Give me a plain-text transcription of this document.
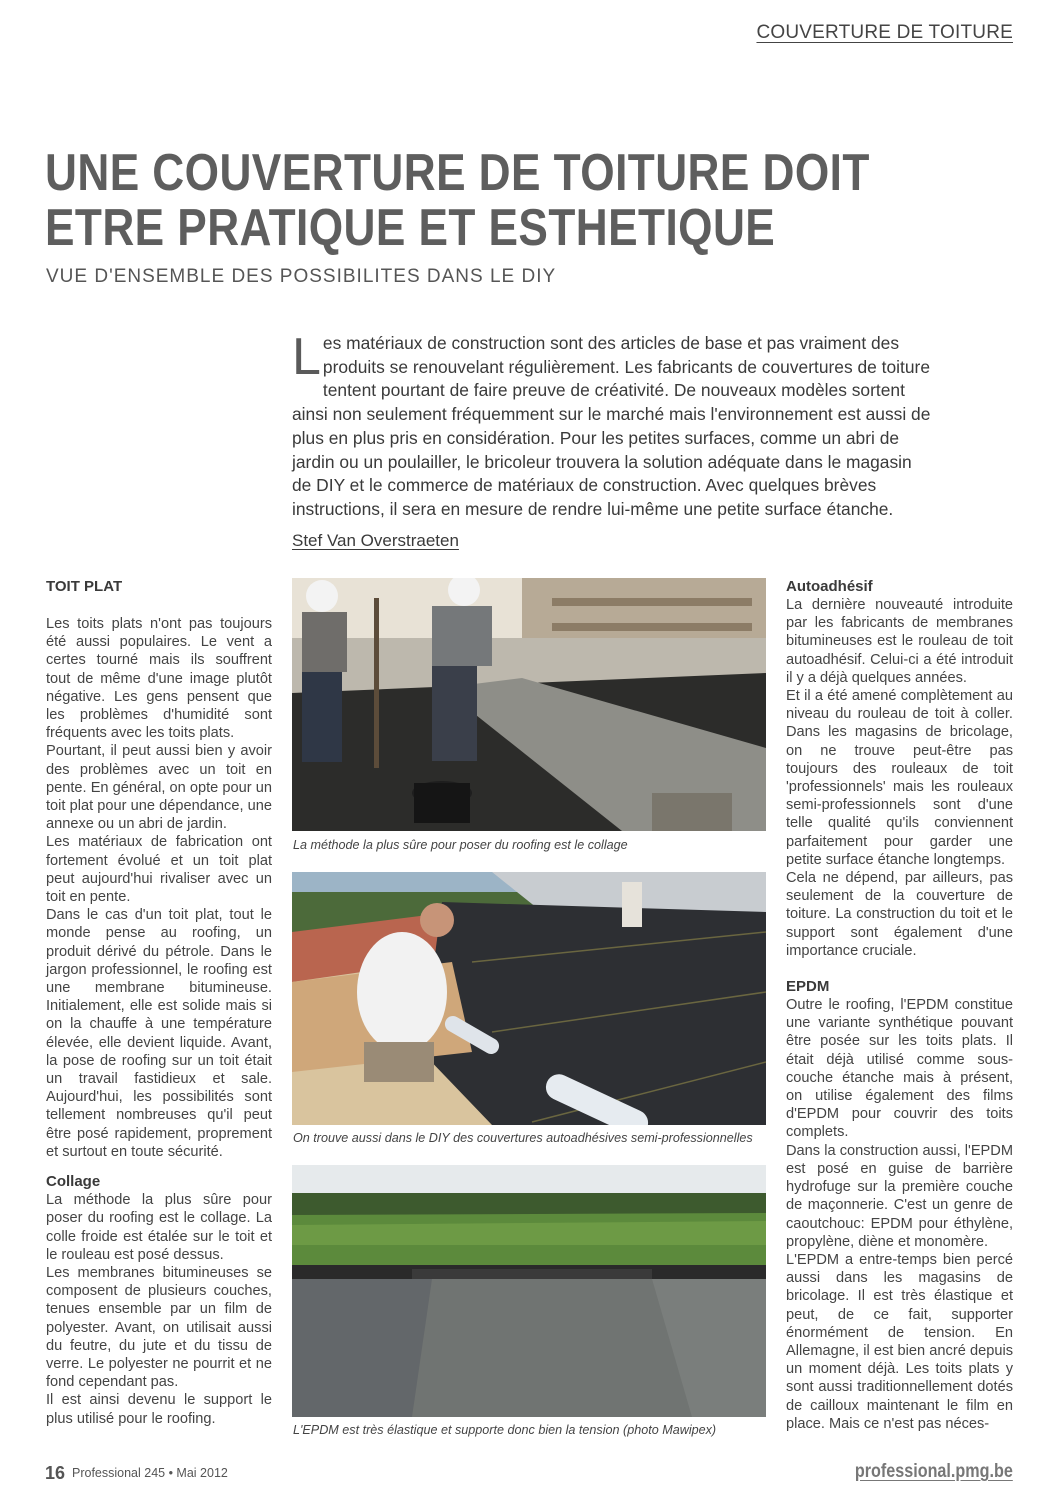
COUVERTURE DE TOITURE
UNE COUVERTURE DE TOITURE DOIT
ETRE PRATIQUE ET ESTHETIQUE
VUE D'ENSEMBLE DES POSSIBILITES DANS LE DIY
Les matériaux de construction sont des articles de base et pas vraiment des produits se renouvelant régulièrement. Les fabricants de couvertures de toiture tentent pourtant de faire preuve de créativité. De nouveaux modèles sortent ainsi non seulement fréquemment sur le marché mais l'environnement est aussi de plus en plus pris en considération. Pour les petites surfaces, comme un abri de jardin ou un poulailler, le bricoleur trouvera la solution adéquate dans le magasin de DIY et le commerce de matériaux de construction. Avec quelques brèves instructions, il sera en mesure de rendre lui-même une petite surface étanche.
Stef Van Overstraeten
TOIT PLAT

Les toits plats n'ont pas toujours été aussi populaires. Le vent a certes tourné mais ils souffrent tout de même d'une image plutôt négative. Les gens pensent que les problèmes d'humidité sont fréquents avec les toits plats.

Pourtant, il peut aussi bien y avoir des problèmes avec un toit en pente. En général, on opte pour un toit plat pour une dépendance, une annexe ou un abri de jardin.

Les matériaux de fabrication ont fortement évolué et un toit plat peut aujourd'hui rivaliser avec un toit en pente.

Dans le cas d'un toit plat, tout le monde pense au roofing, un produit dérivé du pétrole. Dans le jargon professionnel, le roofing est une membrane bitumineuse. Initialement, elle est solide mais si on la chauffe à une température élevée, elle devient liquide. Avant, la pose de roofing sur un toit était un travail fastidieux et sale. Aujourd'hui, les possibilités sont tellement nombreuses qu'il peut être posé rapidement, proprement et surtout en toute sécurité.

Collage

La méthode la plus sûre pour poser du roofing est le collage. La colle froide est étalée sur le toit et le rouleau est posé dessus.

Les membranes bitumineuses se composent de plusieurs couches, tenues ensemble par un film de polyester. Avant, on utilisait aussi du feutre, du jute et du tissu de verre. Le polyester ne pourrit et ne fond cependant pas.

Il est ainsi devenu le support le plus utilisé pour le roofing.

La méthode la plus sûre pour poser du roofing est le collage
On trouve aussi dans le DIY des couvertures autoadhésives semi-professionnelles
L'EPDM est très élastique et supporte donc bien la tension (photo Mawipex)
Autoadhésif

La dernière nouveauté introduite par les fabricants de membranes bitumineuses est le rouleau de toit autoadhésif. Celui-ci a été introduit il y a déjà quelques années.

Et il a été amené complètement au niveau du rouleau de toit à coller. Dans les magasins de bricolage, on ne trouve peut-être pas toujours des rouleaux de toit 'professionnels' mais les rouleaux semi-professionnels sont d'une telle qualité qu'ils conviennent parfaitement pour garder une petite surface étanche longtemps.

Cela ne dépend, par ailleurs, pas seulement de la couverture de toiture. La construction du toit et le support sont également d'une importance cruciale.

EPDM

Outre le roofing, l'EPDM constitue une variante synthétique pouvant être posée sur les toits plats. Il était déjà utilisé comme sous-couche étanche mais à présent, on utilise également des films d'EPDM pour couvrir des toits complets.

Dans la construction aussi, l'EPDM est posé en guise de barrière hydrofuge sur la première couche de maçonnerie. C'est un genre de caoutchouc: EPDM pour éthylène, propylène, diène et monomère.

L'EPDM a entre-temps bien percé aussi dans les magasins de bricolage. Il est très élastique et peut, de ce fait, supporter énormément de tension. En Allemagne, il est bien ancré depuis un moment déjà. Les toits plats y sont aussi traditionnellement dotés de cailloux maintenant le film en place. Mais ce n'est pas néces-

16 Professional 245 • Mai 2012	professional.pmg.be
